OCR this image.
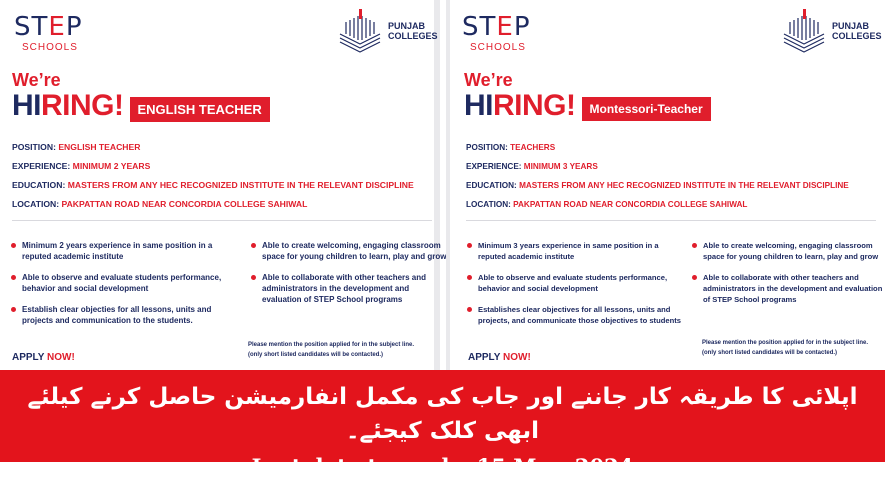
STEP
SCHOOLS
PUNJAB
COLLEGES
We’re
HIRING!	ENGLISH TEACHER
POSITION: ENGLISH TEACHER
EXPERIENCE: MINIMUM 2 YEARS
EDUCATION: MASTERS FROM ANY HEC RECOGNIZED INSTITUTE IN THE RELEVANT DISCIPLINE
LOCATION: PAKPATTAN ROAD NEAR CONCORDIA COLLEGE SAHIWAL
Minimum 2 years experience in same position in a reputed academic institute
Able to observe and evaluate students performance, behavior and social development
Establish clear objecties for all lessons, units and projects and communication to the students.
Able to create welcoming, engaging classroom space for young children to learn, play and grow
Able to collaborate with other teachers and administrators in the development and evaluation of STEP School programs
Please mention the position applied for in the subject line.
(only short listed candidates will be contacted.)
APPLY NOW!
STEP
SCHOOLS
PUNJAB
COLLEGES
We’re
HIRING!	Montessori-Teacher
POSITION: TEACHERS
EXPERIENCE: MINIMUM 3 YEARS
EDUCATION: MASTERS FROM ANY HEC RECOGNIZED INSTITUTE IN THE RELEVANT DISCIPLINE
LOCATION: PAKPATTAN ROAD NEAR CONCORDIA COLLEGE SAHIWAL
Minimum 3 years experience in same position in a reputed academic institute
Able to observe and evaluate students performance, behavior and social development
Establishes clear objectives for all lessons, units and projects, and communicate those objectives to students
Able to create welcoming, engaging classroom space for young children to learn, play and grow
Able to collaborate with other teachers and administrators in the development and evaluation of STEP School programs
Please mention the position applied for in the subject line.
(only short listed candidates will be contacted.)
APPLY NOW!
اپلائی کا طریقہ کار جاننے اور جاب کی مکمل انفارمیشن حاصل کرنے کیلئے ابھی کلک کیجئے۔
Last date to apply: 15 May, 2024
